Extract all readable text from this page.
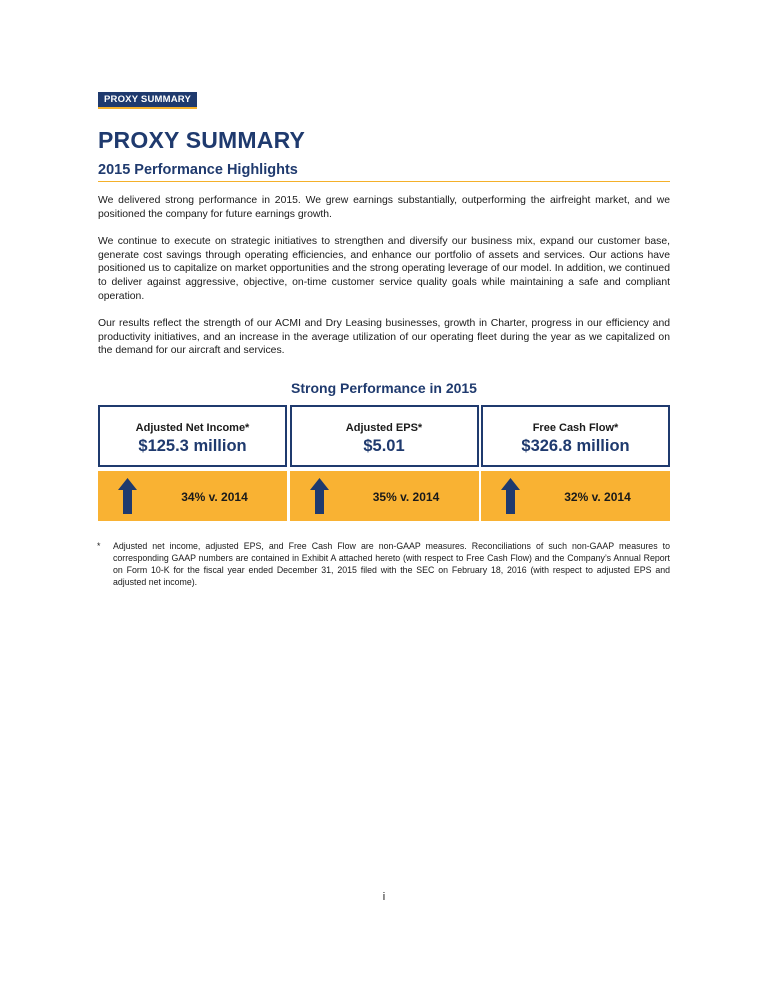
PROXY SUMMARY
PROXY SUMMARY
2015 Performance Highlights

We delivered strong performance in 2015. We grew earnings substantially, outperforming the airfreight market, and we positioned the company for future earnings growth.

We continue to execute on strategic initiatives to strengthen and diversify our business mix, expand our customer base, generate cost savings through operating efficiencies, and enhance our portfolio of assets and services. Our actions have positioned us to capitalize on market opportunities and the strong operating leverage of our model. In addition, we continued to deliver against aggressive, objective, on-time customer service quality goals while maintaining a safe and compliant operation.

Our results reflect the strength of our ACMI and Dry Leasing businesses, growth in Charter, progress in our efficiency and productivity initiatives, and an increase in the average utilization of our operating fleet during the year as we capitalized on the demand for our aircraft and services.

Strong Performance in 2015
Adjusted Net Income*
$125.3 million
34% v. 2014
Adjusted EPS*
$5.01
35% v. 2014
Free Cash Flow*
$326.8 million
32% v. 2014
*	Adjusted net income, adjusted EPS, and Free Cash Flow are non-GAAP measures. Reconciliations of such non-GAAP measures to corresponding GAAP numbers are contained in Exhibit A attached hereto (with respect to Free Cash Flow) and the Company’s Annual Report on Form 10-K for the fiscal year ended December 31, 2015 filed with the SEC on February 18, 2016 (with respect to adjusted EPS and adjusted net income).
i
